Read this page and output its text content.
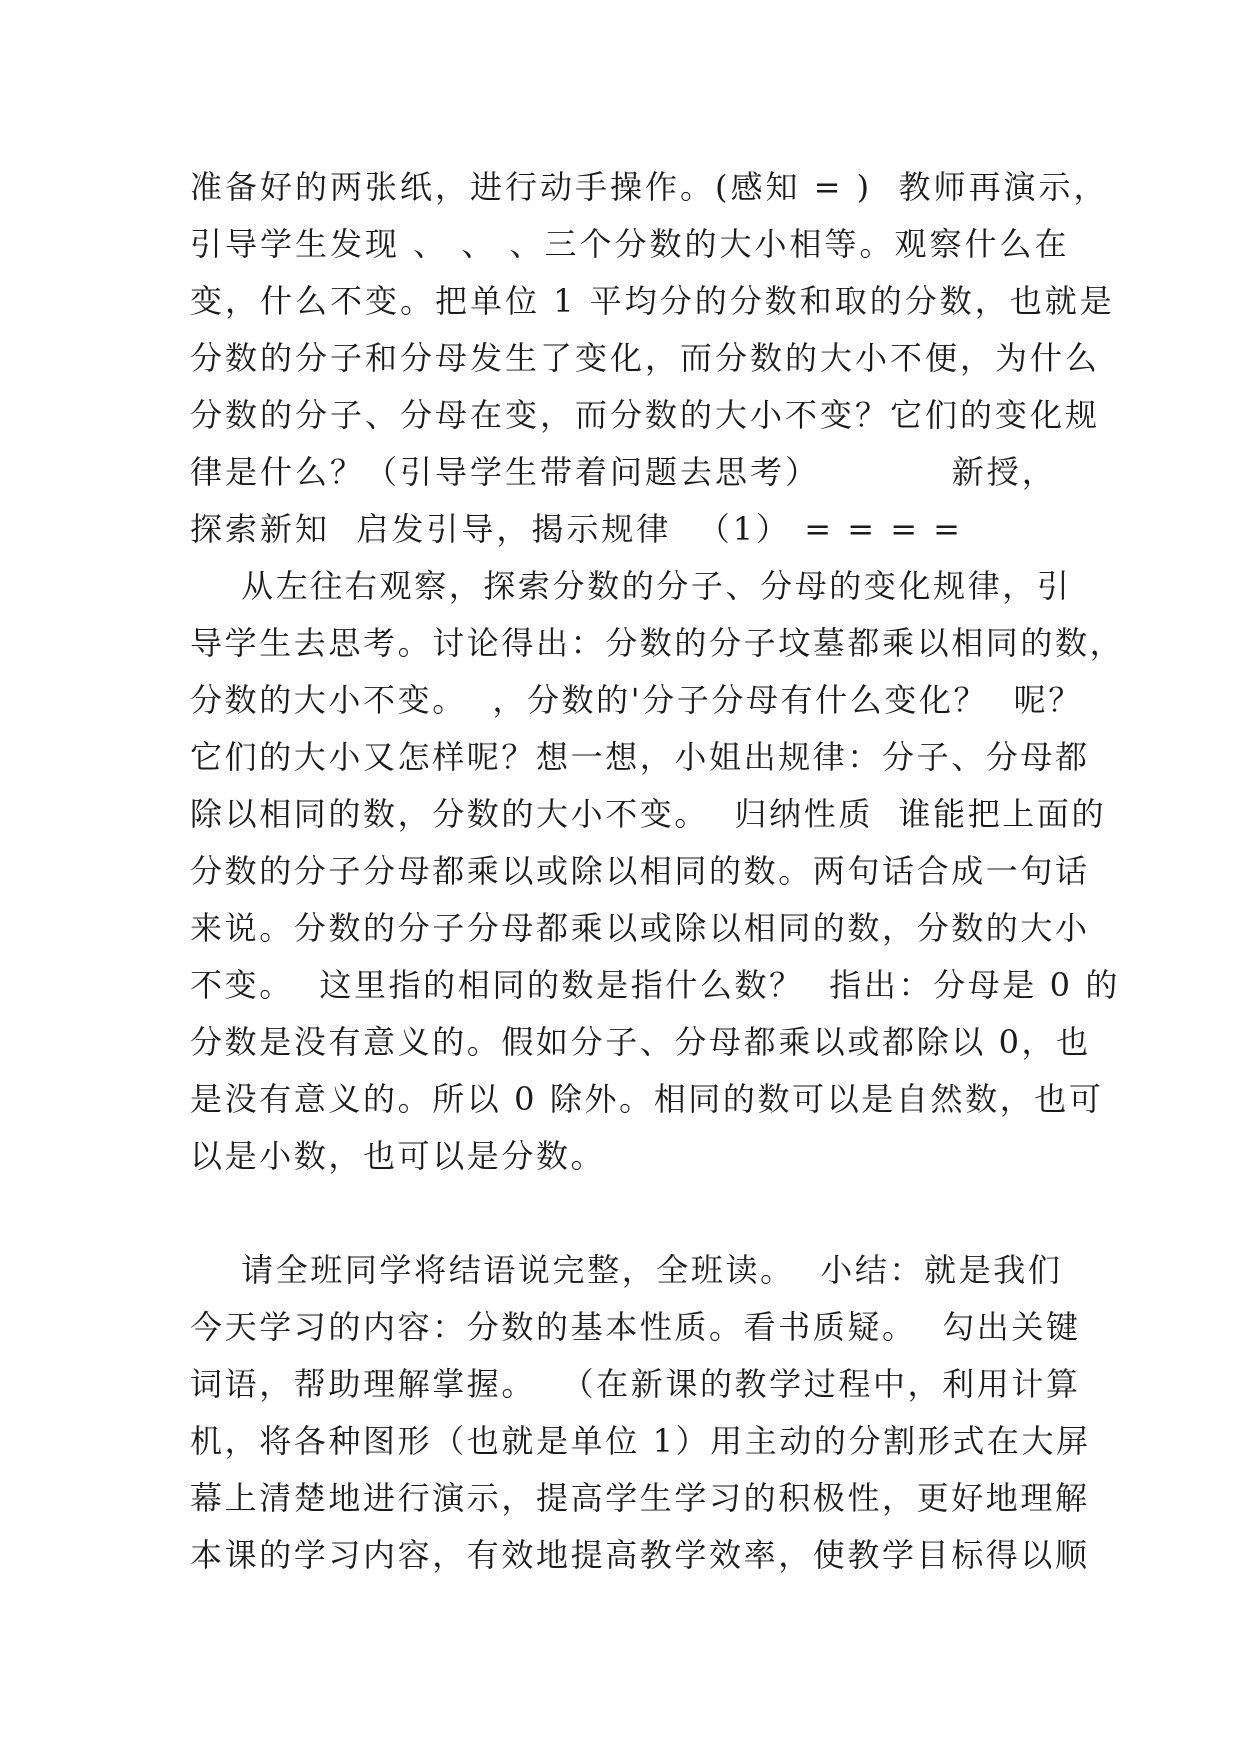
准备好的两张纸，进行动手操作。(感知 = )  教师再演示，
引导学生发现 、 、 、三个分数的大小相等。观察什么在
变，什么不变。把单位 1 平均分的分数和取的分数，也就是
分数的分子和分母发生了变化，而分数的大小不便，为什么
分数的分子、分母在变，而分数的大小不变？它们的变化规
律是什么？（引导学生带着问题去思考）          新授，
探索新知  启发引导，揭示规律  （1） = = = =
从左往右观察，探索分数的分子、分母的变化规律，引
导学生去思考。讨论得出：分数的分子坟墓都乘以相同的数，
分数的大小不变。  ，分数的'分子分母有什么变化？  呢？
它们的大小又怎样呢？想一想，小姐出规律：分子、分母都
除以相同的数，分数的大小不变。  归纳性质  谁能把上面的
分数的分子分母都乘以或除以相同的数。两句话合成一句话
来说。分数的分子分母都乘以或除以相同的数，分数的大小
不变。  这里指的相同的数是指什么数？  指出：分母是 0 的
分数是没有意义的。假如分子、分母都乘以或都除以 0，也
是没有意义的。所以 0 除外。相同的数可以是自然数，也可
以是小数，也可以是分数。
请全班同学将结语说完整，全班读。  小结：就是我们
今天学习的内容：分数的基本性质。看书质疑。  勾出关键
词语，帮助理解掌握。  （在新课的教学过程中，利用计算
机，将各种图形（也就是单位 1）用主动的分割形式在大屏
幕上清楚地进行演示，提高学生学习的积极性，更好地理解
本课的学习内容，有效地提高教学效率，使教学目标得以顺
